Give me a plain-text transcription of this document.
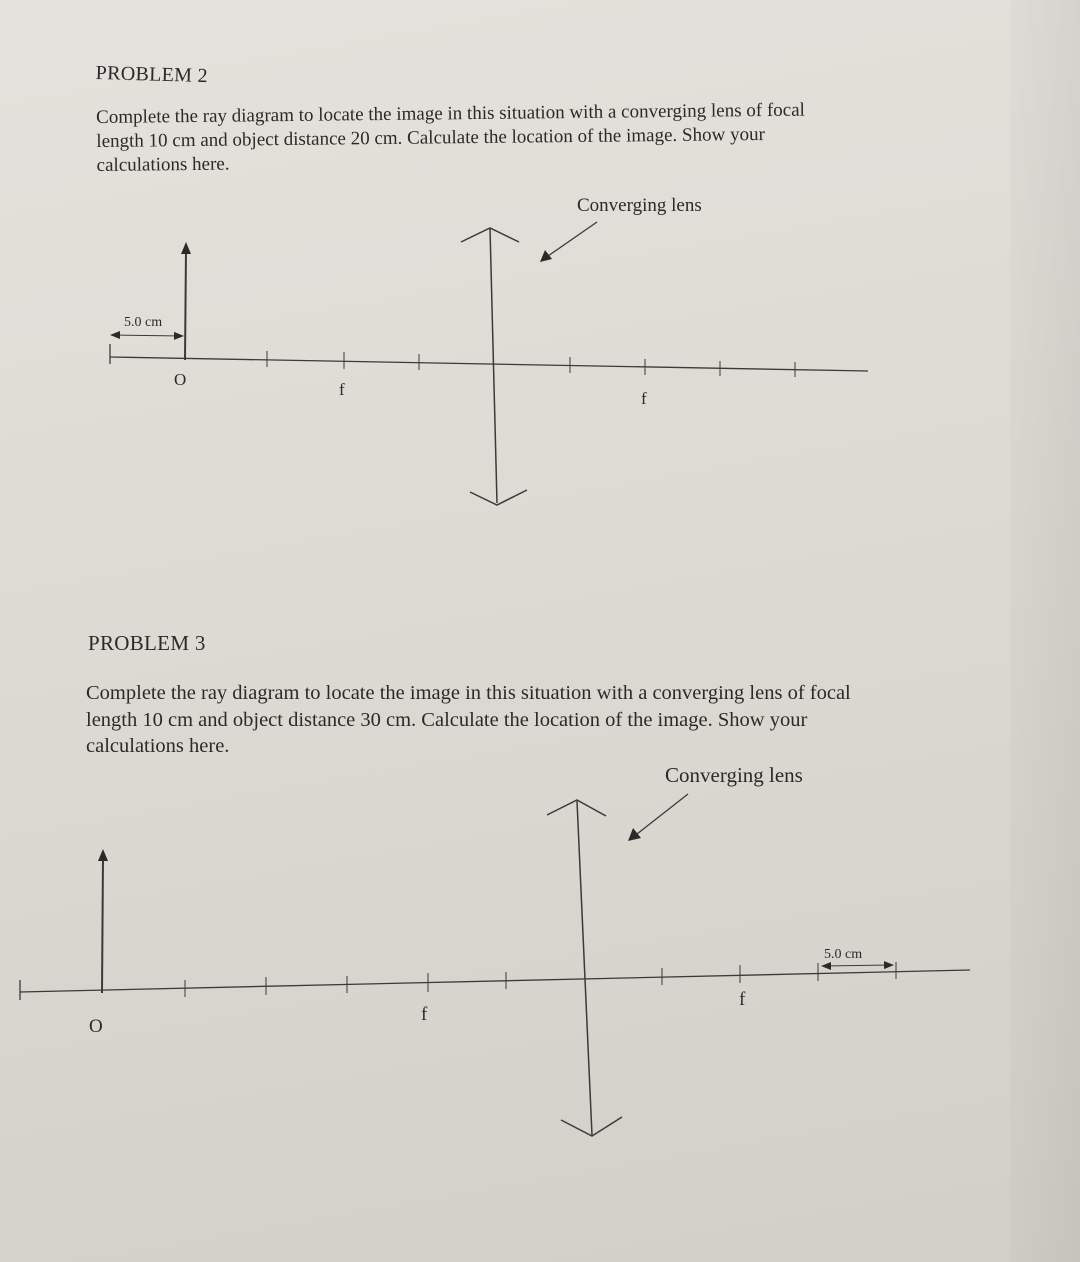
PROBLEM 2
Complete the ray diagram to locate the image in this situation with a converging lens of focal
length 10 cm and object distance 20 cm. Calculate the location of the image. Show your
calculations here.
PROBLEM 3
Complete the ray diagram to locate the image in this situation with a converging lens of focal
length 10 cm and object distance 30 cm. Calculate the location of the image. Show your
calculations here.
Converging lens
5.0 cm
O
f	f
Converging lens
5.0 cm
O
f
f
